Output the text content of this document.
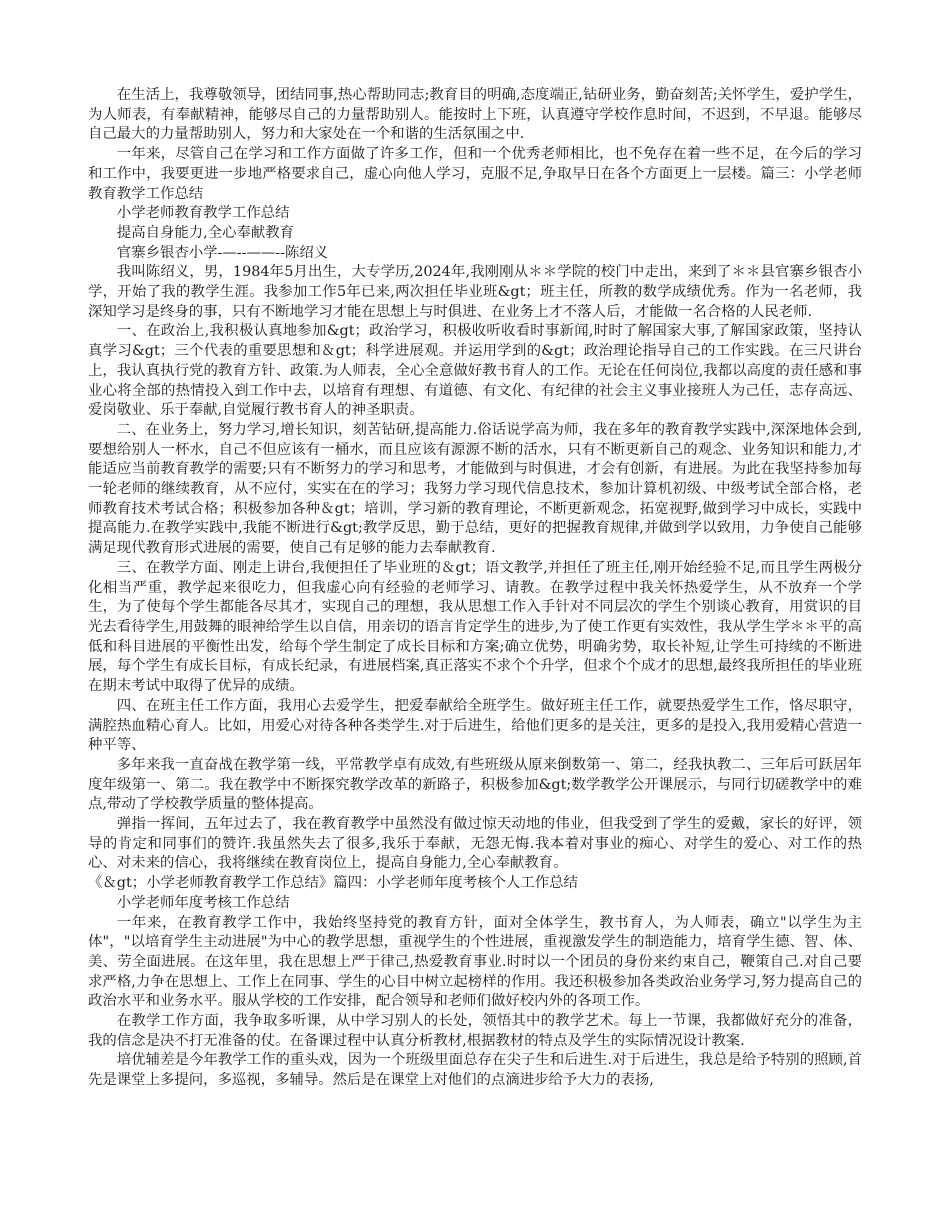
在生活上，我尊敬领导，团结同事,热心帮助同志;教育目的明确,态度端正,钻研业务，勤奋刻苦;关怀学生，爱护学生，为人师表，有奉献精神，能够尽自己的力量帮助别人。能按时上下班，认真遵守学校作息时间，不迟到，不早退。能够尽自己最大的力量帮助别人，努力和大家处在一个和谐的生活氛围之中.

一年来，尽管自己在学习和工作方面做了许多工作，但和一个优秀老师相比，也不免存在着一些不足，在今后的学习和工作中，我要更进一步地严格要求自己，虚心向他人学习，克服不足,争取早日在各个方面更上一层楼。篇三：小学老师教育教学工作总结

小学老师教育教学工作总结

提高自身能力,全心奉献教育

官寨乡银杏小学-—--——--陈绍义

我叫陈绍义，男，1984年5月出生，大专学历,2024年,我刚刚从＊＊学院的校门中走出，来到了＊＊县官寨乡银杏小学，开始了我的教学生涯。我参加工作5年已来,两次担任毕业班&gt；班主任，所教的数学成绩优秀。作为一名老师，我深知学习是终身的事，只有不断地学习才能在思想上与时俱进、在业务上才不落人后，才能做一名合格的人民老师.

一、在政治上,我积极认真地参加&gt；政治学习，积极收听收看时事新闻,时时了解国家大事,了解国家政策，坚持认真学习&gt；三个代表的重要思想和＆gt；科学进展观。并运用学到的&gt；政治理论指导自己的工作实践。在三尺讲台上，我认真执行党的教育方针、政策.为人师表，全心全意做好教书育人的工作。无论在任何岗位,我都以高度的责任感和事业心将全部的热情投入到工作中去，以培育有理想、有道德、有文化、有纪律的社会主义事业接班人为己任，志存高远、爱岗敬业、乐于奉献,自觉履行教书育人的神圣职责。

二、在业务上，努力学习,增长知识，刻苦钻研,提高能力.俗话说学高为师，我在多年的教育教学实践中,深深地体会到,要想给别人一杯水，自己不但应该有一桶水，而且应该有源源不断的活水，只有不断更新自己的观念、业务知识和能力,才能适应当前教育教学的需要;只有不断努力的学习和思考，才能做到与时俱进，才会有创新，有进展。为此在我坚持参加每一轮老师的继续教育，从不应付，实实在在的学习；我努力学习现代信息技术，参加计算机初级、中级考试全部合格，老师教育技术考试合格；积极参加各种＆gt；培训，学习新的教育理论，不断更新观念，拓宽视野,做到学习中成长，实践中提高能力.在教学实践中,我能不断进行&gt;教学反思，勤于总结，更好的把握教育规律,并做到学以致用，力争使自己能够满足现代教育形式进展的需要，使自己有足够的能力去奉献教育.

三、在教学方面、刚走上讲台,我便担任了毕业班的＆gt；语文教学,并担任了班主任,刚开始经验不足,而且学生两极分化相当严重，教学起来很吃力，但我虚心向有经验的老师学习、请教。在教学过程中我关怀热爱学生，从不放弃一个学生，为了使每个学生都能各尽其才，实现自己的理想，我从思想工作入手针对不同层次的学生个别谈心教育，用赏识的目光去看待学生,用鼓舞的眼神给学生以自信，用亲切的语言肯定学生的进步,为了使工作更有实效性，我从学生学＊＊平的高低和科目进展的平衡性出发，给每个学生制定了成长目标和方案;确立优势，明确劣势，取长补短,让学生可持续的不断进展，每个学生有成长目标，有成长纪录，有进展档案,真正落实不求个个升学，但求个个成才的思想,最终我所担任的毕业班在期末考试中取得了优异的成绩。

四、在班主任工作方面，我用心去爱学生，把爱奉献给全班学生。做好班主任工作，就要热爱学生工作，恪尽职守，满腔热血精心育人。比如，用爱心对待各种各类学生.对于后进生，给他们更多的是关注，更多的是投入,我用爱精心营造一种平等、

多年来我一直奋战在教学第一线，平常教学卓有成效,有些班级从原来倒数第一、第二，经我执教二、三年后可跃居年度年级第一、第二。我在教学中不断探究教学改革的新路子，积极参加&gt;数学教学公开课展示，与同行切磋教学中的难点,带动了学校教学质量的整体提高。

弹指一挥间，五年过去了，我在教育教学中虽然没有做过惊天动地的伟业，但我受到了学生的爱戴，家长的好评，领导的肯定和同事们的赞许.我虽然失去了很多,我乐于奉献，无怨无悔.我本着对事业的痴心、对学生的爱心、对工作的热心、对未来的信心，我将继续在教育岗位上，提高自身能力,全心奉献教育。

《＆gt；小学老师教育教学工作总结》篇四：小学老师年度考核个人工作总结

小学老师年度考核工作总结

一年来，在教育教学工作中，我始终坚持党的教育方针，面对全体学生，教书育人，为人师表，确立"以学生为主体"，"以培育学生主动进展"为中心的教学思想，重视学生的个性进展，重视激发学生的制造能力，培育学生德、智、体、美、劳全面进展。在这年里，我在思想上严于律己,热爱教育事业.时时以一个团员的身份来约束自己，鞭策自己.对自己要求严格,力争在思想上、工作上在同事、学生的心目中树立起榜样的作用。我还积极参加各类政治业务学习,努力提高自己的政治水平和业务水平。服从学校的工作安排，配合领导和老师们做好校内外的各项工作。

在教学工作方面，我争取多听课，从中学习别人的长处，领悟其中的教学艺术。每上一节课，我都做好充分的准备，我的信念是决不打无准备的仗。在备课过程中认真分析教材,根据教材的特点及学生的实际情况设计教案.

培优辅差是今年教学工作的重头戏，因为一个班级里面总存在尖子生和后进生.对于后进生，我总是给予特别的照顾,首先是课堂上多提问，多巡视，多辅导。然后是在课堂上对他们的点滴进步给予大力的表扬,
